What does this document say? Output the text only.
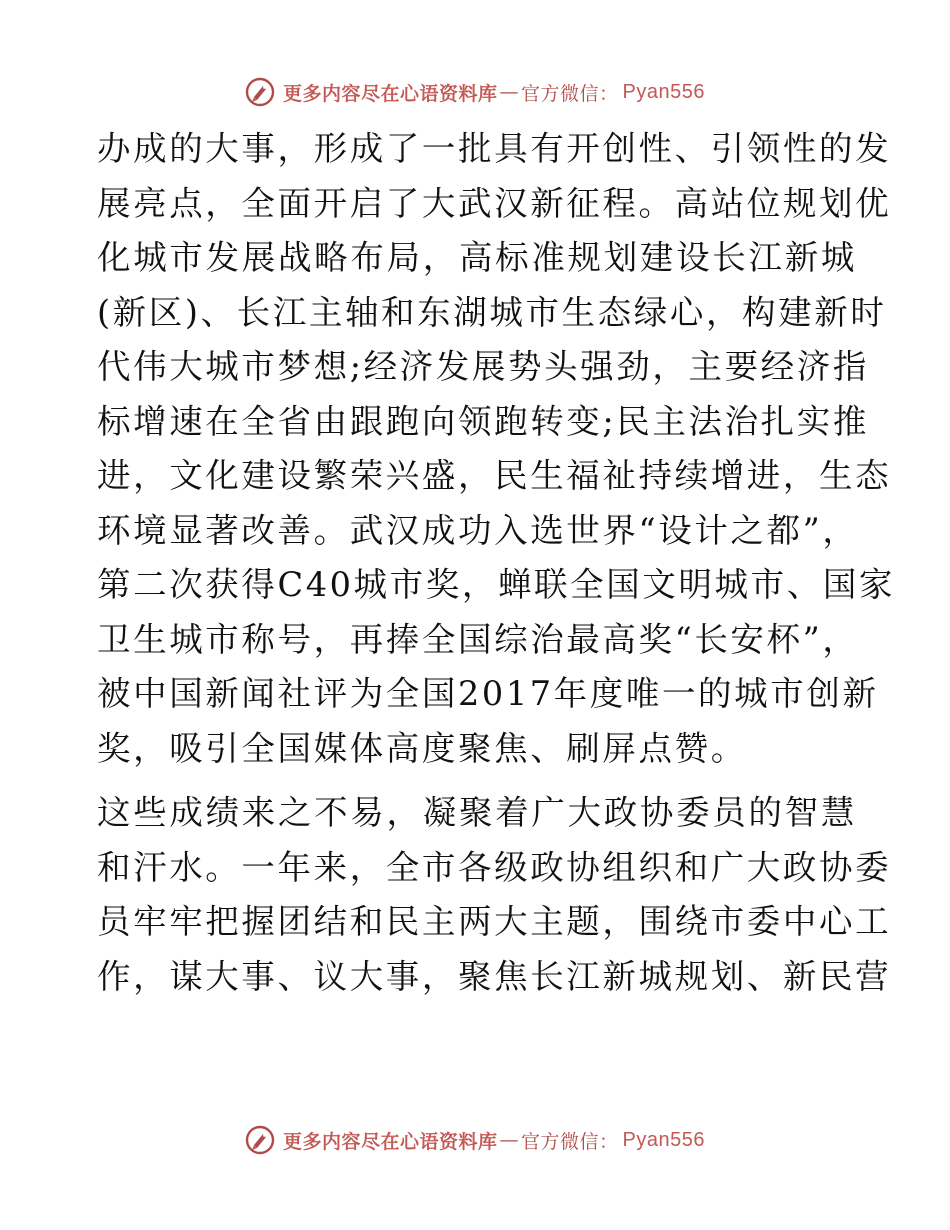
更多内容尽在心语资料库 — 官方微信： Pyan556

办成的大事，形成了一批具有开创性、引领性的发
展亮点，全面开启了大武汉新征程。高站位规划优
化城市发展战略布局，高标准规划建设长江新城
(新区)、长江主轴和东湖城市生态绿心，构建新时
代伟大城市梦想;经济发展势头强劲，主要经济指
标增速在全省由跟跑向领跑转变;民主法治扎实推
进，文化建设繁荣兴盛，民生福祉持续增进，生态
环境显著改善。武汉成功入选世界“设计之都”，
第二次获得C40城市奖，蝉联全国文明城市、国家
卫生城市称号，再捧全国综治最高奖“长安杯”，
被中国新闻社评为全国2017年度唯一的城市创新
奖，吸引全国媒体高度聚焦、刷屏点赞。

这些成绩来之不易，凝聚着广大政协委员的智慧
和汗水。一年来，全市各级政协组织和广大政协委
员牢牢把握团结和民主两大主题，围绕市委中心工
作，谋大事、议大事，聚焦长江新城规划、新民营

更多内容尽在心语资料库 — 官方微信： Pyan556
